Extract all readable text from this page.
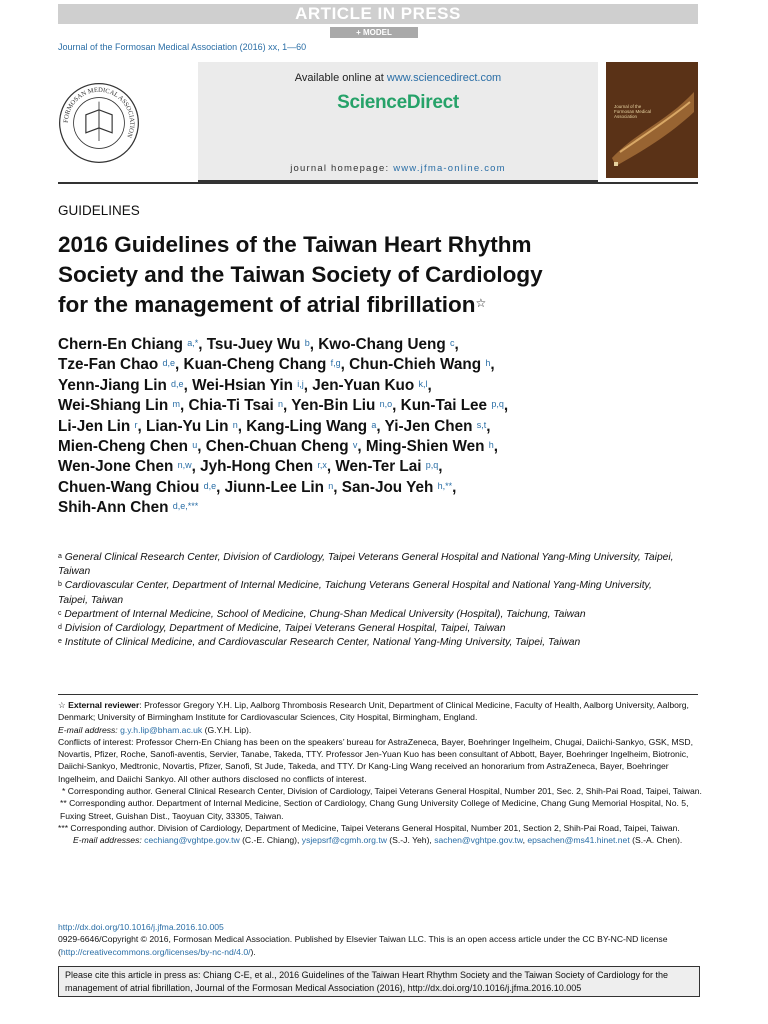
ARTICLE IN PRESS
+ MODEL
Journal of the Formosan Medical Association (2016) xx, 1—60
FORMOSAN MEDICAL ASSOCIATION
Available online at www.sciencedirect.com
ScienceDirect
journal homepage: www.jfma-online.com
Journal of the Formosan Medical Association
GUIDELINES
2016 Guidelines of the Taiwan Heart Rhythm
Society and the Taiwan Society of Cardiology
for the management of atrial fibrillation☆
Chern-En Chiang $^{a,*}$, Tsu-Juey Wu $^b$, Kwo-Chang Ueng $^c$,
Tze-Fan Chao $^{d,e}$, Kuan-Cheng Chang $^{f,g}$, Chun-Chieh Wang $^h$,
Yenn-Jiang Lin $^{d,e}$, Wei-Hsian Yin $^{i,j}$, Jen-Yuan Kuo $^{k,l}$,
Wei-Shiang Lin $^m$, Chia-Ti Tsai $^n$, Yen-Bin Liu $^{n,o}$, Kun-Tai Lee $^{p,q}$,
Li-Jen Lin $^r$, Lian-Yu Lin $^n$, Kang-Ling Wang $^a$, Yi-Jen Chen $^{s,t}$,
Mien-Cheng Chen $^u$, Chen-Chuan Cheng $^v$, Ming-Shien Wen $^h$,
Wen-Jone Chen $^{n,w}$, Jyh-Hong Chen $^{r,x}$, Wen-Ter Lai $^{p,q}$,
Chuen-Wang Chiou $^{d,e}$, Jiunn-Lee Lin $^n$, San-Jou Yeh $^{h,**}$,
Shih-Ann Chen $^{d,e,***}$
$^a$ General Clinical Research Center, Division of Cardiology, Taipei Veterans General Hospital and National Yang-Ming University, Taipei, Taiwan
$^b$ Cardiovascular Center, Department of Internal Medicine, Taichung Veterans General Hospital and National Yang-Ming University, Taipei, Taiwan
$^c$ Department of Internal Medicine, School of Medicine, Chung-Shan Medical University (Hospital), Taichung, Taiwan
$^d$ Division of Cardiology, Department of Medicine, Taipei Veterans General Hospital, Taipei, Taiwan
$^e$ Institute of Clinical Medicine, and Cardiovascular Research Center, National Yang-Ming University, Taipei, Taiwan

☆ External reviewer: Professor Gregory Y.H. Lip, Aalborg Thrombosis Research Unit, Department of Clinical Medicine, Faculty of Health, Aalborg University, Aalborg, Denmark; University of Birmingham Institute for Cardiovascular Sciences, City Hospital, Birmingham, England.

E-mail address: g.y.h.lip@bham.ac.uk (G.Y.H. Lip).

Conflicts of interest: Professor Chern-En Chiang has been on the speakers’ bureau for AstraZeneca, Bayer, Boehringer Ingelheim, Chugai, Daiichi-Sankyo, GSK, MSD, Novartis, Pfizer, Roche, Sanofi-aventis, Servier, Tanabe, Takeda, TTY. Professor Jen-Yuan Kuo has been consultant of Abbott, Bayer, Boehringer Ingelheim, Biotronic, Daiichi-Sankyo, Medtronic, Novartis, Pfizer, Sanofi, St Jude, Takeda, and TTY. Dr Kang-Ling Wang received an honorarium from AstraZeneca, Bayer, Boehringer Ingelheim, and Daiichi Sankyo. All other authors disclosed no conflicts of interest.

* Corresponding author. General Clinical Research Center, Division of Cardiology, Taipei Veterans General Hospital, Number 201, Sec. 2, Shih-Pai Road, Taipei, Taiwan.

** Corresponding author. Department of Internal Medicine, Section of Cardiology, Chang Gung University College of Medicine, Chang Gung Memorial Hospital, No. 5, Fuxing Street, Guishan Dist., Taoyuan City, 33305, Taiwan.

*** Corresponding author. Division of Cardiology, Department of Medicine, Taipei Veterans General Hospital, Number 201, Section 2, Shih-Pai Road, Taipei, Taiwan.

E-mail addresses: cechiang@vghtpe.gov.tw (C.-E. Chiang), ysjepsrf@cgmh.org.tw (S.-J. Yeh), sachen@vghtpe.gov.tw, epsachen@ms41.hinet.net (S.-A. Chen).

http://dx.doi.org/10.1016/j.jfma.2016.10.005

0929-6646/Copyright © 2016, Formosan Medical Association. Published by Elsevier Taiwan LLC. This is an open access article under the CC BY-NC-ND license (http://creativecommons.org/licenses/by-nc-nd/4.0/).

Please cite this article in press as: Chiang C-E, et al., 2016 Guidelines of the Taiwan Heart Rhythm Society and the Taiwan Society of Cardiology for the management of atrial fibrillation, Journal of the Formosan Medical Association (2016), http://dx.doi.org/10.1016/j.jfma.2016.10.005
